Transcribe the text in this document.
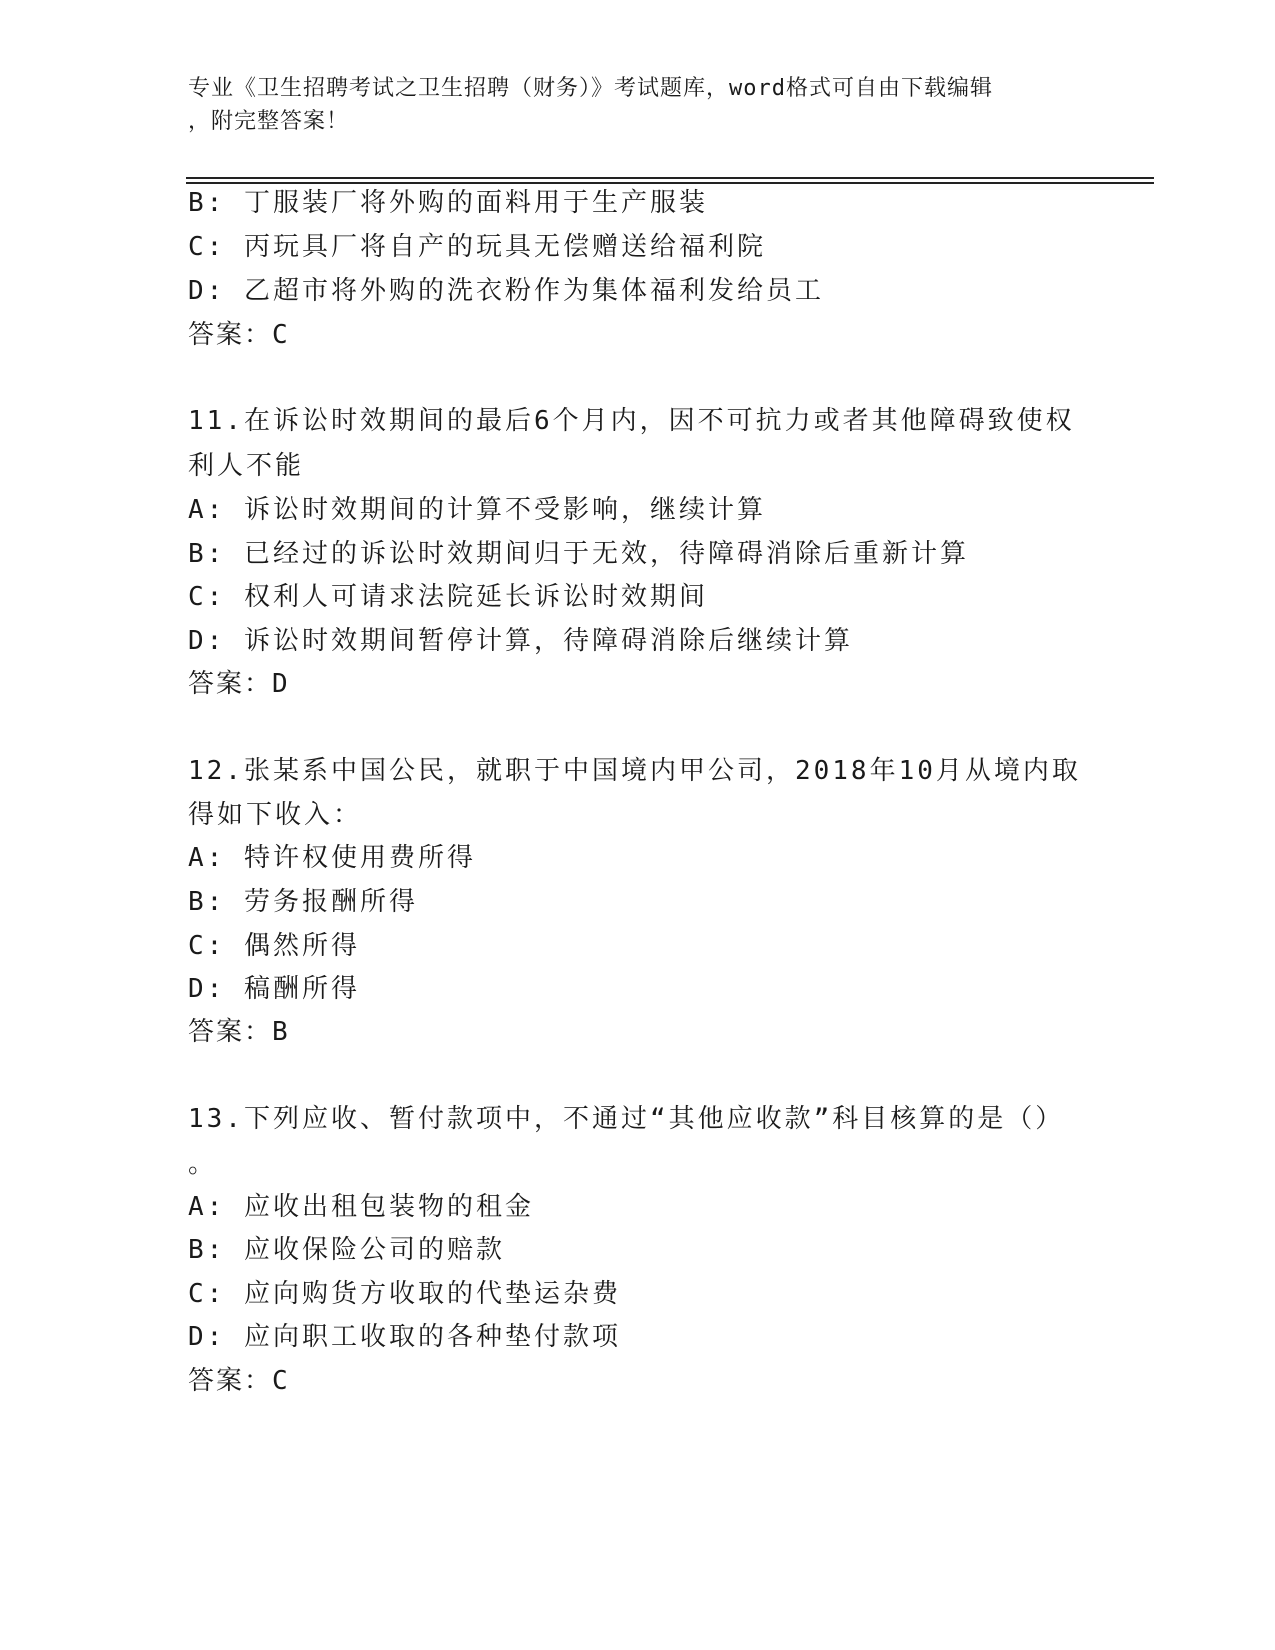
专业《卫生招聘考试之卫生招聘（财务）》考试题库，word格式可自由下载编辑
，附完整答案！
B: 丁服装厂将外购的面料用于生产服装
C: 丙玩具厂将自产的玩具无偿赠送给福利院
D: 乙超市将外购的洗衣粉作为集体福利发给员工
答案：C
11.在诉讼时效期间的最后6个月内，因不可抗力或者其他障碍致使权
利人不能
A: 诉讼时效期间的计算不受影响，继续计算
B: 已经过的诉讼时效期间归于无效，待障碍消除后重新计算
C: 权利人可请求法院延长诉讼时效期间
D: 诉讼时效期间暂停计算，待障碍消除后继续计算
答案：D
12.张某系中国公民，就职于中国境内甲公司，2018年10月从境内取
得如下收入：
A: 特许权使用费所得
B: 劳务报酬所得
C: 偶然所得
D: 稿酬所得
答案：B
13.下列应收、暂付款项中，不通过“其他应收款”科目核算的是（）
。
A: 应收出租包装物的租金
B: 应收保险公司的赔款
C: 应向购货方收取的代垫运杂费
D: 应向职工收取的各种垫付款项
答案：C
